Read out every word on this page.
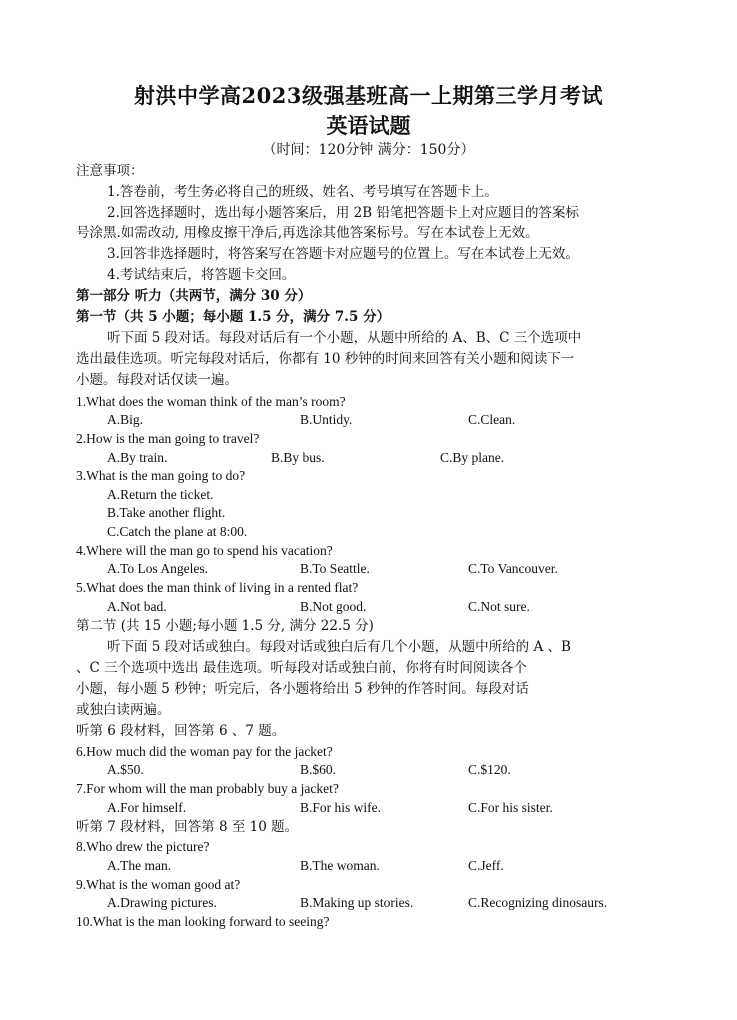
射洪中学高2023级强基班高一上期第三学月考试
英语试题
（时间：120分钟 满分：150分）
注意事项：
1.答卷前，考生务必将自己的班级、姓名、考号填写在答题卡上。
2.回答选择题时，选出每小题答案后，用 2B 铅笔把答题卡上对应题目的答案标
号涂黑.如需改动, 用橡皮擦干净后,再选涂其他答案标号。写在本试卷上无效。
3.回答非选择题时，将答案写在答题卡对应题号的位置上。写在本试卷上无效。
4.考试结束后，将答题卡交回。
第一部分 听力（共两节，满分 30 分）
第一节（共 5 小题；每小题 1.5 分，满分 7.5 分）
听下面 5 段对话。每段对话后有一个小题，从题中所给的 A、B、C 三个选项中
选出最佳选项。听完每段对话后，你都有 10 秒钟的时间来回答有关小题和阅读下一
小题。每段对话仅读一遍。
1.What does the woman think of the man’s room?
A.Big.	B.Untidy.	C.Clean.
2.How is the man going to travel?
A.By train.	B.By bus.	C.By plane.
3.What is the man going to do?
A.Return the ticket.
B.Take another flight.
C.Catch the plane at 8:00.
4.Where will the man go to spend his vacation?
A.To Los Angeles.	B.To Seattle.	C.To Vancouver.
5.What does the man think of living in a rented flat?
A.Not bad.	B.Not good.	C.Not sure.
第二节 (共 15 小题;每小题 1.5 分, 满分 22.5 分)
听下面 5 段对话或独白。每段对话或独白后有几个小题，从题中所给的 A 、B
、C 三个选项中选出 最佳选项。听每段对话或独白前，你将有时间阅读各个
小题，每小题 5 秒钟；听完后，各小题将给出 5 秒钟的作答时间。每段对话
或独白读两遍。
听第 6 段材料，回答第 6 、7 题。
6.How much did the woman pay for the jacket?
A.$50.	B.$60.	C.$120.
7.For whom will the man probably buy a jacket?
A.For himself.	B.For his wife.	C.For his sister.
听第 7 段材料，回答第 8 至 10 题。
8.Who drew the picture?
A.The man.	B.The woman.	C.Jeff.
9.What is the woman good at?
A.Drawing pictures.	B.Making up stories.	C.Recognizing dinosaurs.
10.What is the man looking forward to seeing?
